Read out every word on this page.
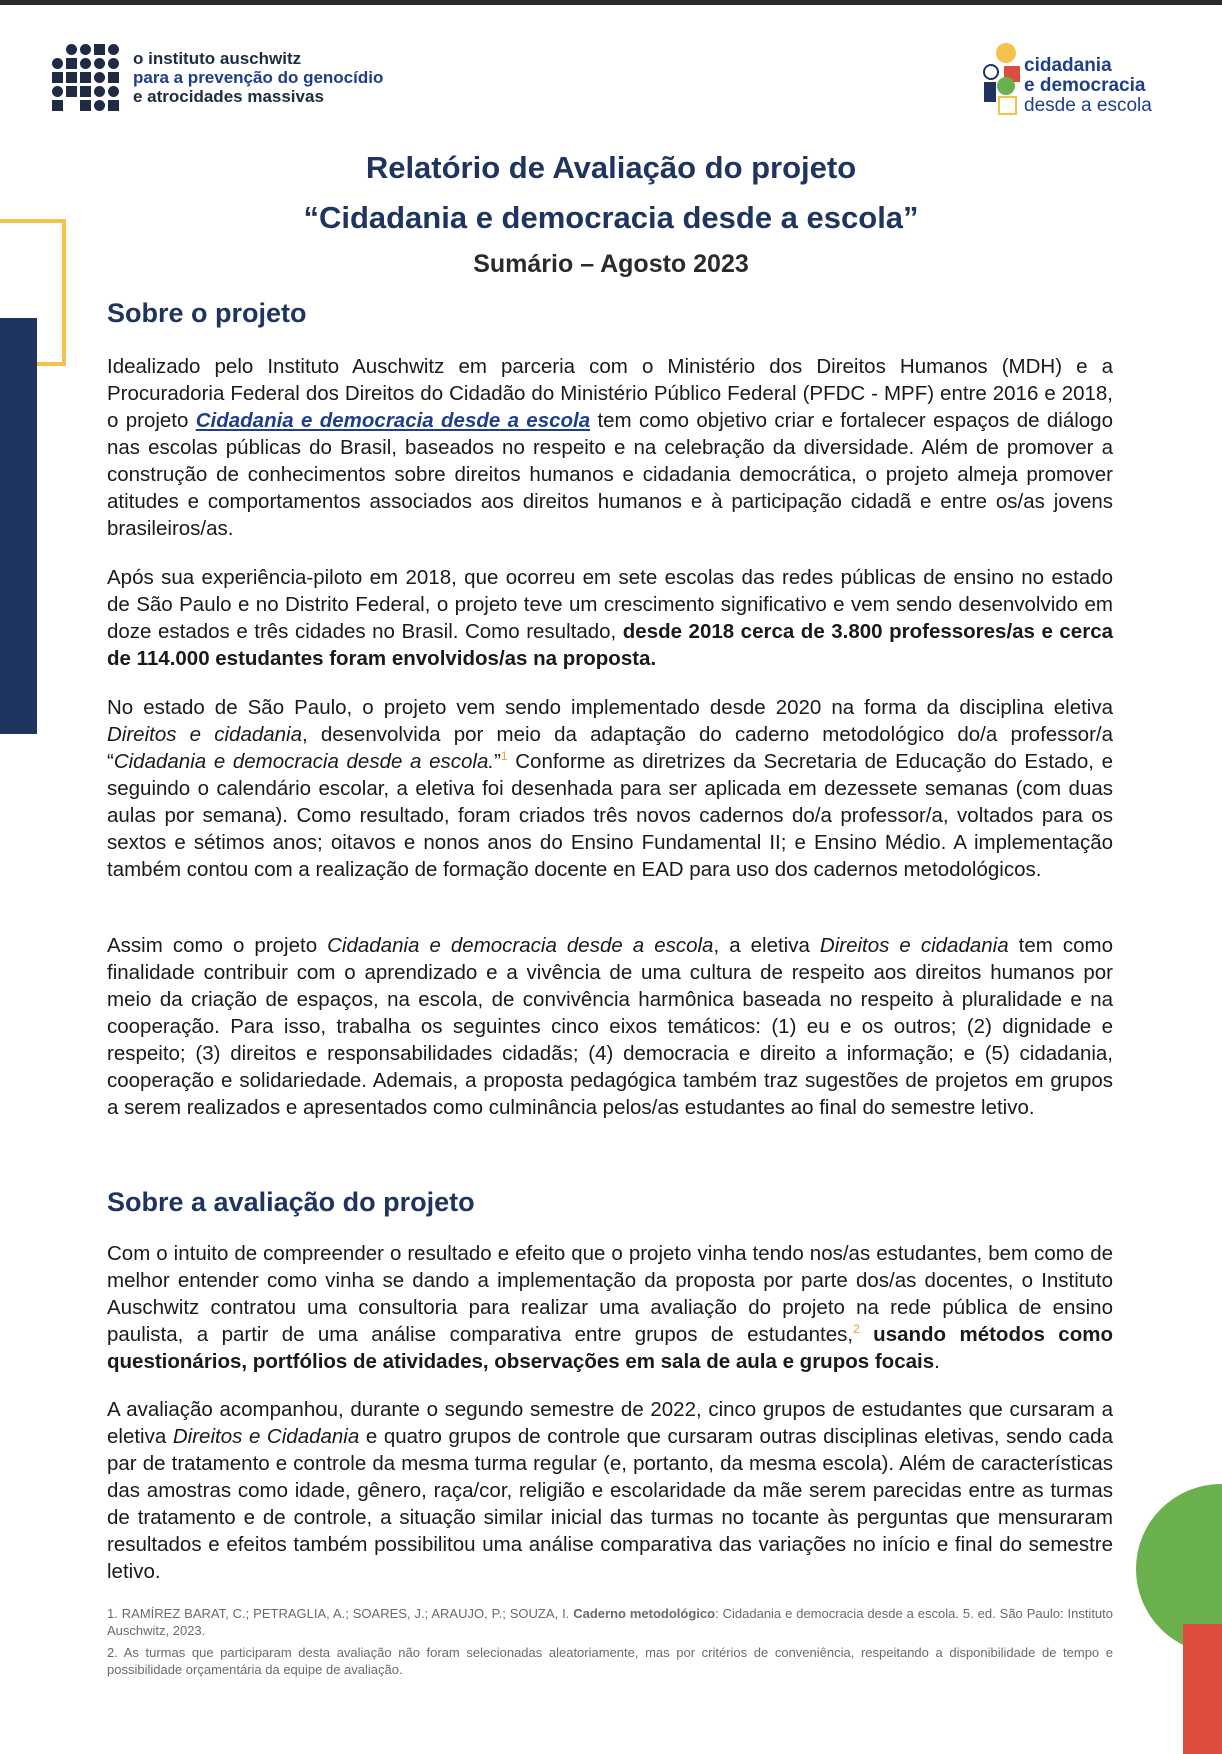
o instituto auschwitz
para a prevenção do genocídio
e atrocidades massivas
cidadania
e democracia
desde a escola
Relatório de Avaliação do projeto
“Cidadania e democracia desde a escola”
Sumário – Agosto 2023
Sobre o projeto

Idealizado pelo Instituto Auschwitz em parceria com o Ministério dos Direitos Humanos (MDH) e a Procuradoria Federal dos Direitos do Cidadão do Ministério Público Federal (PFDC - MPF) entre 2016 e 2018, o projeto Cidadania e democracia desde a escola tem como objetivo criar e fortalecer espaços de diálogo nas escolas públicas do Brasil, baseados no respeito e na celebração da diversidade. Além de promover a construção de conhecimentos sobre direitos humanos e cidadania democrática, o projeto almeja promover atitudes e comportamentos associados aos direitos humanos e à participação cidadã e entre os/as jovens brasileiros/as.

Após sua experiência-piloto em 2018, que ocorreu em sete escolas das redes públicas de ensino no estado de São Paulo e no Distrito Federal, o projeto teve um crescimento significativo e vem sendo desenvolvido em doze estados e três cidades no Brasil. Como resultado, desde 2018 cerca de 3.800 professores/as e cerca de 114.000 estudantes foram envolvidos/as na proposta.

No estado de São Paulo, o projeto vem sendo implementado desde 2020 na forma da disciplina eletiva Direitos e cidadania, desenvolvida por meio da adaptação do caderno metodológico do/a professor/a “Cidadania e democracia desde a escola.”$^1$ Conforme as diretrizes da Secretaria de Educação do Estado, e seguindo o calendário escolar, a eletiva foi desenhada para ser aplicada em dezessete semanas (com duas aulas por semana). Como resultado, foram criados três novos cadernos do/a professor/a, voltados para os sextos e sétimos anos; oitavos e nonos anos do Ensino Fundamental II; e Ensino Médio. A implementação também contou com a realização de formação docente en EAD para uso dos cadernos metodológicos.

Assim como o projeto Cidadania e democracia desde a escola, a eletiva Direitos e cidadania tem como finalidade contribuir com o aprendizado e a vivência de uma cultura de respeito aos direitos humanos por meio da criação de espaços, na escola, de convivência harmônica baseada no respeito à pluralidade e na cooperação. Para isso, trabalha os seguintes cinco eixos temáticos: (1) eu e os outros; (2) dignidade e respeito; (3) direitos e responsabilidades cidadãs; (4) democracia e direito a informação; e (5) cidadania, cooperação e solidariedade. Ademais, a proposta pedagógica também traz sugestões de projetos em grupos a serem realizados e apresentados como culminância pelos/as estudantes ao final do semestre letivo.

Sobre a avaliação do projeto

Com o intuito de compreender o resultado e efeito que o projeto vinha tendo nos/as estudantes, bem como de melhor entender como vinha se dando a implementação da proposta por parte dos/as docentes, o Instituto Auschwitz contratou uma consultoria para realizar uma avaliação do projeto na rede pública de ensino paulista, a partir de uma análise comparativa entre grupos de estudantes,$^2$ usando métodos como questionários, portfólios de atividades, observações em sala de aula e grupos focais.

A avaliação acompanhou, durante o segundo semestre de 2022, cinco grupos de estudantes que cursaram a eletiva Direitos e Cidadania e quatro grupos de controle que cursaram outras disciplinas eletivas, sendo cada par de tratamento e controle da mesma turma regular (e, portanto, da mesma escola). Além de características das amostras como idade, gênero, raça/cor, religião e escolaridade da mãe serem parecidas entre as turmas de tratamento e de controle, a situação similar inicial das turmas no tocante às perguntas que mensuraram resultados e efeitos também possibilitou uma análise comparativa das variações no início e final do semestre letivo.

1. RAMÍREZ BARAT, C.; PETRAGLIA, A.; SOARES, J.; ARAUJO, P.; SOUZA, I. Caderno metodológico: Cidadania e democracia desde a escola. 5. ed. São Paulo: Instituto Auschwitz, 2023.

2. As turmas que participaram desta avaliação não foram selecionadas aleatoriamente, mas por critérios de conveniência, respeitando a disponibilidade de tempo e possibilidade orçamentária da equipe de avaliação.
